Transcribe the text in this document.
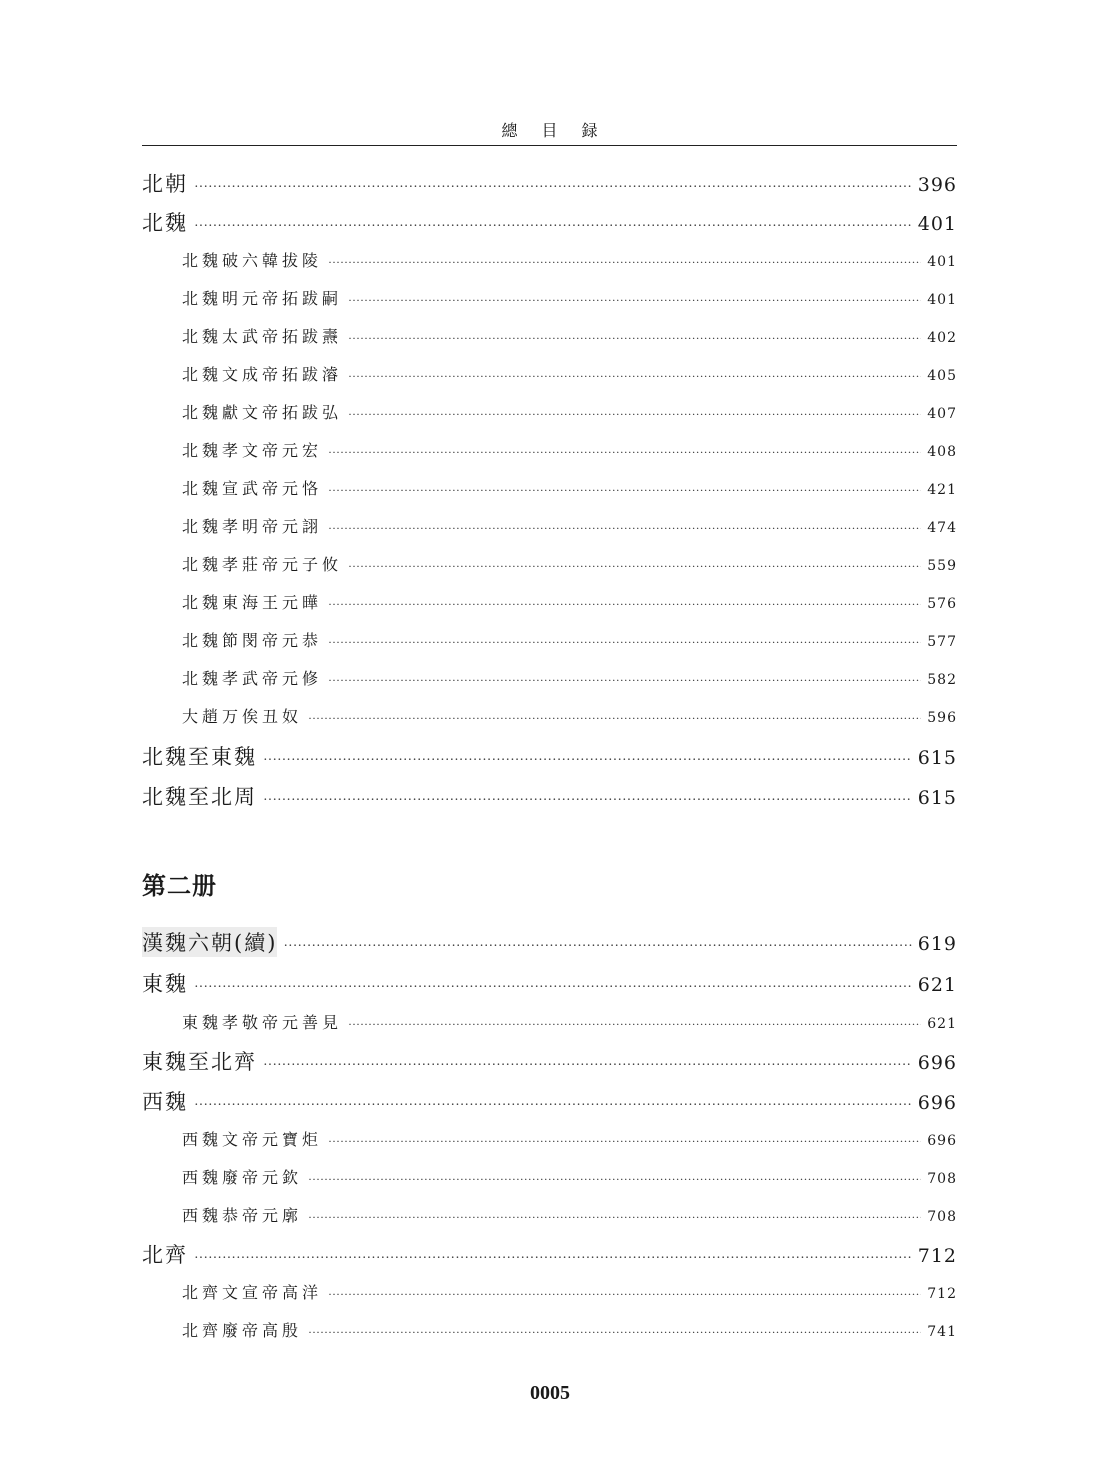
總目録
北朝 ·····	396
北魏 ·····	401
北魏破六韓拔陵 ·····	401
北魏明元帝拓跋嗣 ·····	401
北魏太武帝拓跋燾 ·····	402
北魏文成帝拓跋濬 ·····	405
北魏獻文帝拓跋弘 ·····	407
北魏孝文帝元宏 ·····	408
北魏宣武帝元恪 ·····	421
北魏孝明帝元詡 ·····	474
北魏孝莊帝元子攸 ·····	559
北魏東海王元曄 ·····	576
北魏節閔帝元恭 ·····	577
北魏孝武帝元修 ·····	582
大趙万俟丑奴 ·····	596
北魏至東魏 ·····	615
北魏至北周 ·····	615
第二册
漢魏六朝(續) ·····	619
東魏 ·····	621
東魏孝敬帝元善見 ·····	621
東魏至北齊 ·····	696
西魏 ·····	696
西魏文帝元寶炬 ·····	696
西魏廢帝元欽 ·····	708
西魏恭帝元廓 ·····	708
北齊 ·····	712
北齊文宣帝高洋 ·····	712
北齊廢帝高殷 ·····	741
0005
